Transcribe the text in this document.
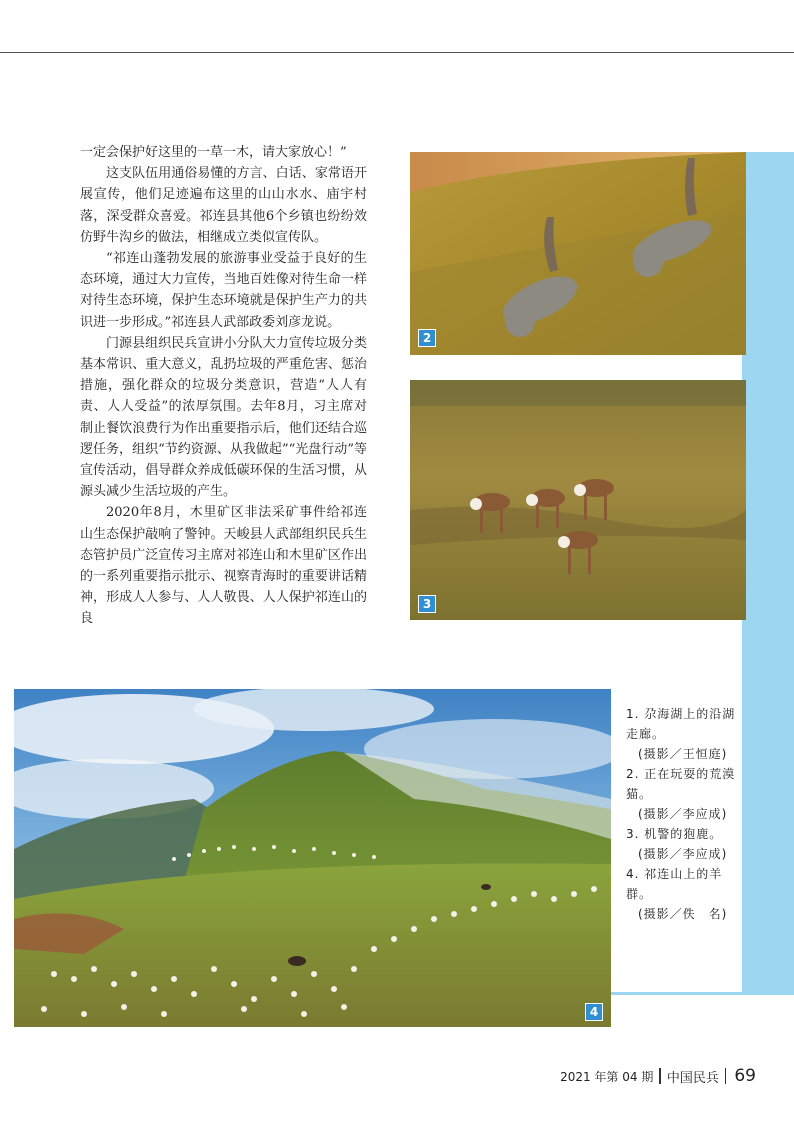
一定会保护好这里的一草一木，请大家放心！”

这支队伍用通俗易懂的方言、白话、家常语开展宣传，他们足迹遍布这里的山山水水、庙宇村落，深受群众喜爱。祁连县其他6个乡镇也纷纷效仿野牛沟乡的做法，相继成立类似宣传队。

“祁连山蓬勃发展的旅游事业受益于良好的生态环境，通过大力宣传，当地百姓像对待生命一样对待生态环境，保护生态环境就是保护生产力的共识进一步形成。”祁连县人武部政委刘彦龙说。

门源县组织民兵宣讲小分队大力宣传垃圾分类基本常识、重大意义，乱扔垃圾的严重危害、惩治措施，强化群众的垃圾分类意识，营造“人人有责、人人受益”的浓厚氛围。去年8月，习主席对制止餐饮浪费行为作出重要指示后，他们还结合巡逻任务，组织“节约资源、从我做起”“光盘行动”等宣传活动，倡导群众养成低碳环保的生活习惯，从源头减少生活垃圾的产生。

2020年8月，木里矿区非法采矿事件给祁连山生态保护敲响了警钟。天峻县人武部组织民兵生态管护员广泛宣传习主席对祁连山和木里矿区作出的一系列重要指示批示、视察青海时的重要讲话精神，形成人人参与、人人敬畏、人人保护祁连山的良

2
3
4

1. 尕海湖上的沿湖走廊。

(摄影／王恒庭)

2. 正在玩耍的荒漠猫。

(摄影／李应成)

3. 机警的狍鹿。

(摄影／李应成)

4. 祁连山上的羊群。

(摄影／佚　名)

2021 年第 04 期 中国民兵 69
